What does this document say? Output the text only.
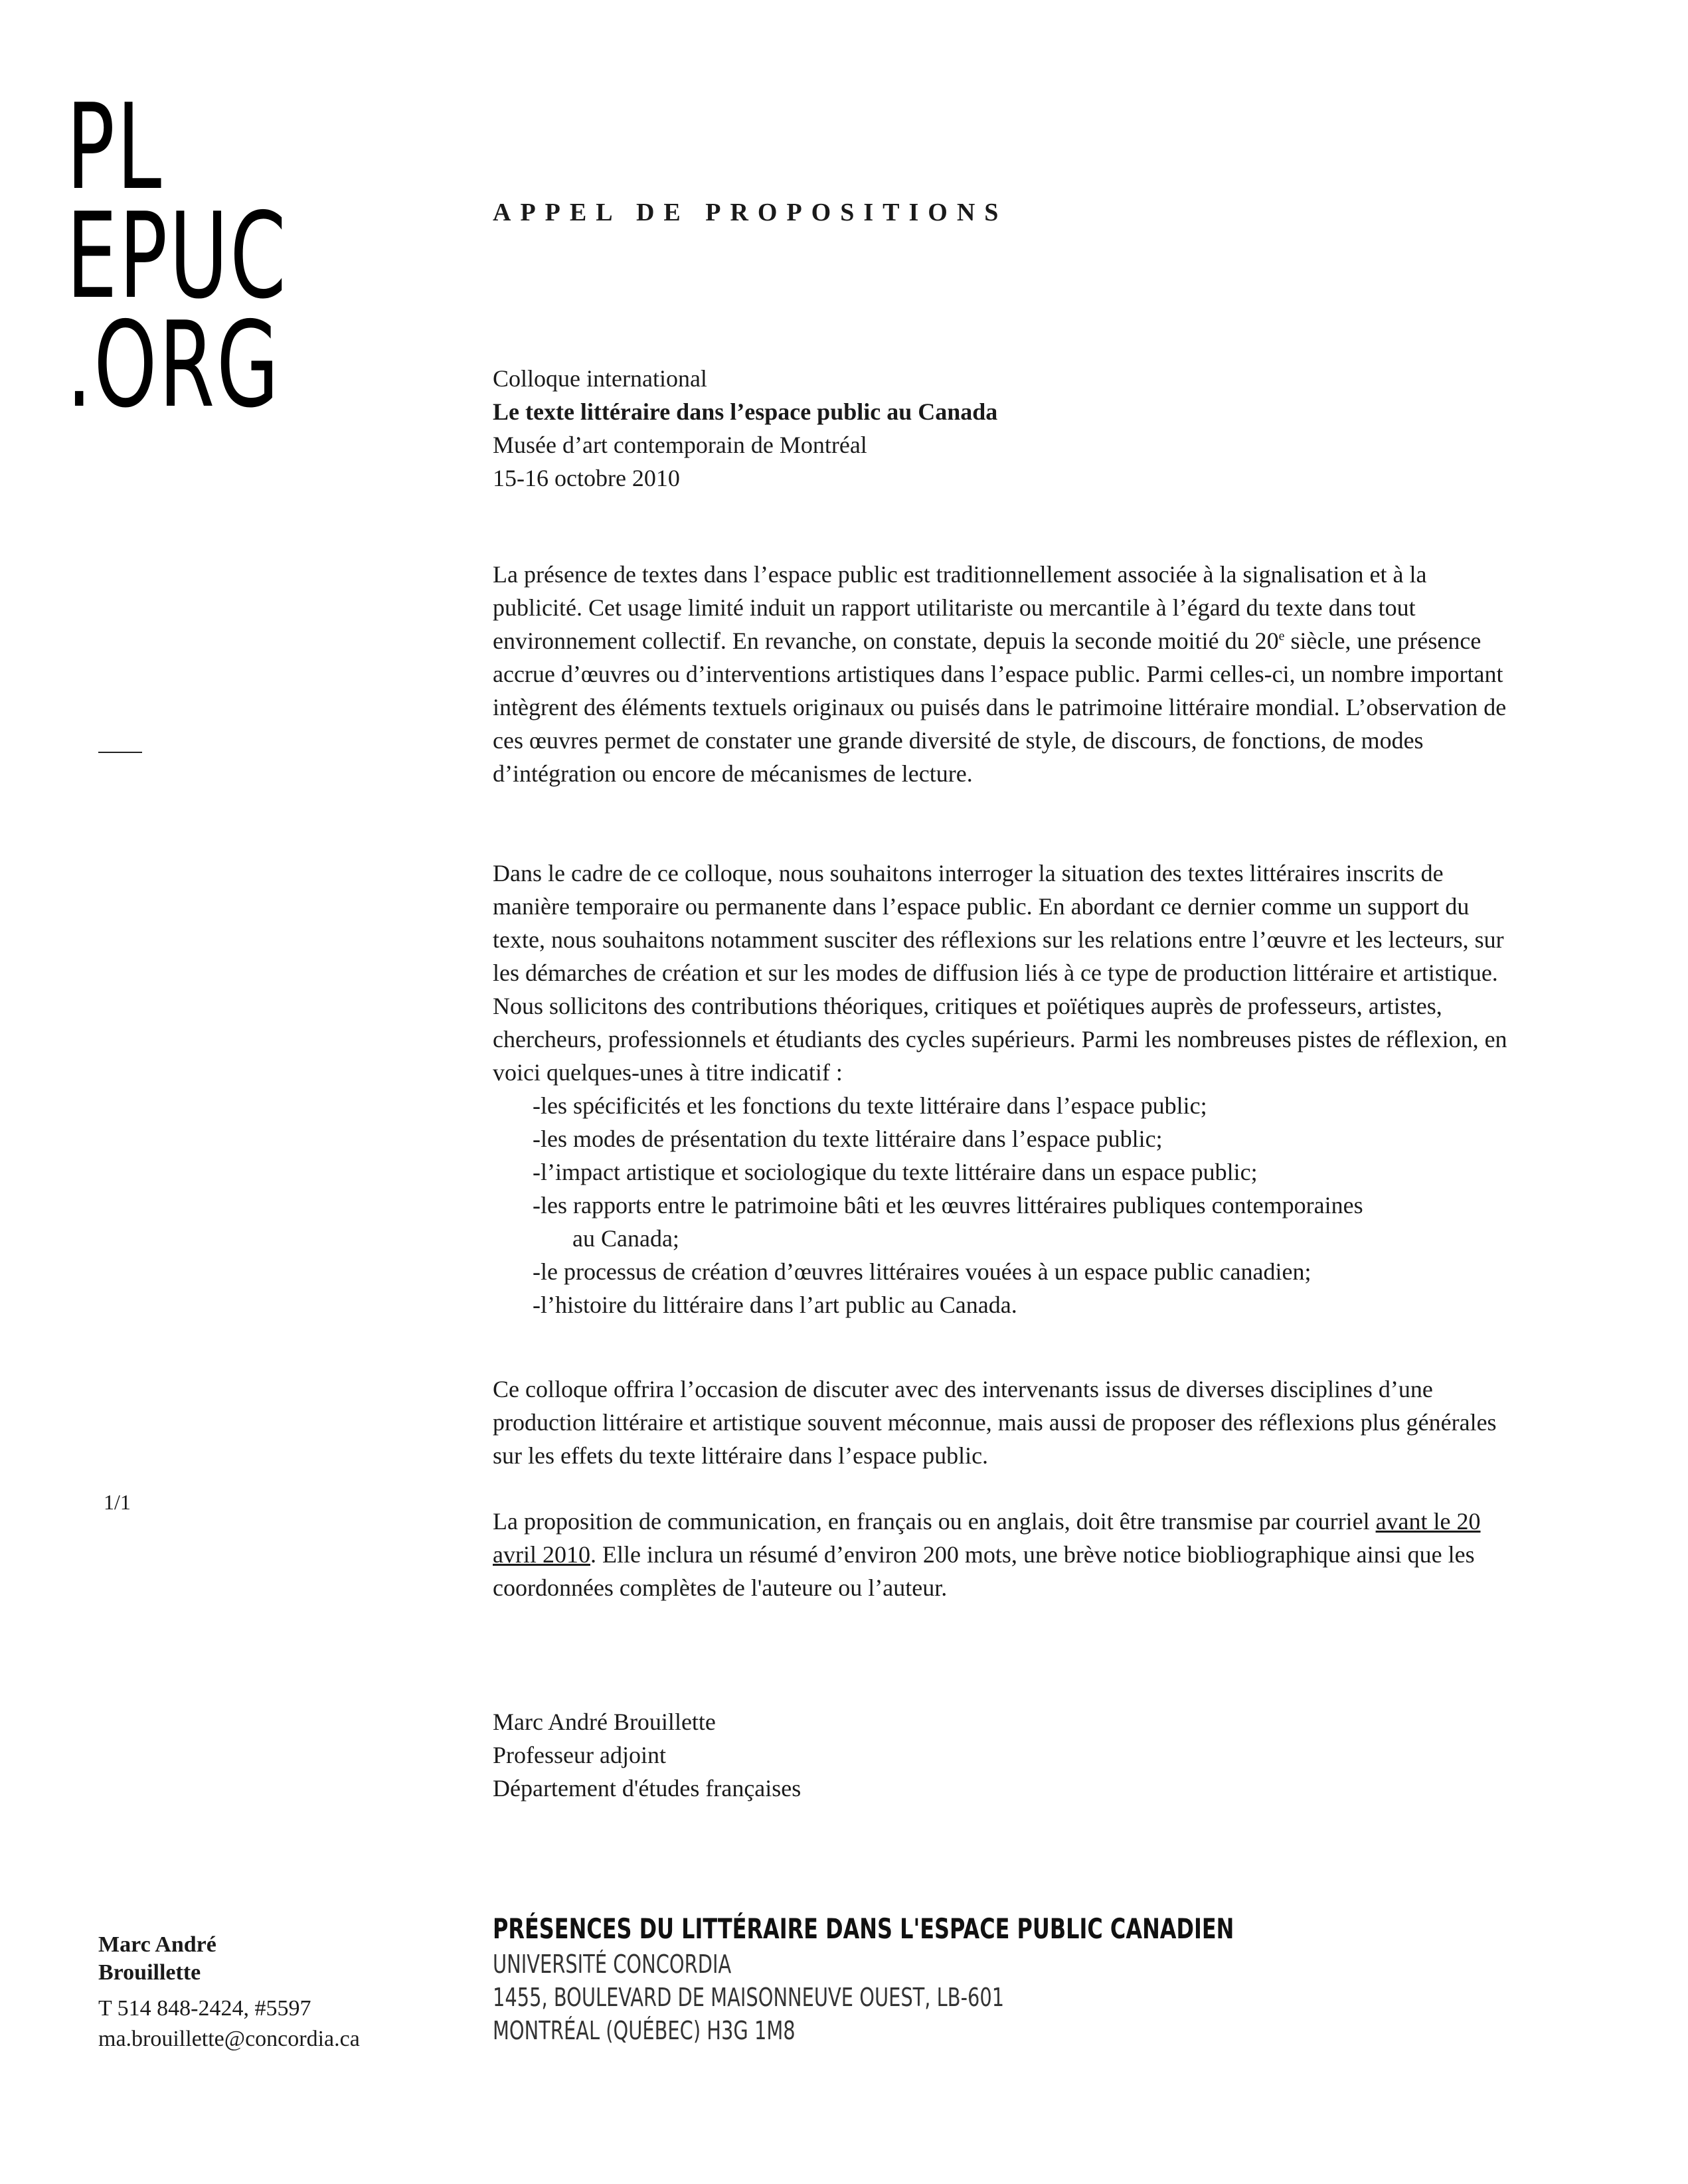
PL
EPUC
.ORG
APPEL DE PROPOSITIONS

Colloque international

Le texte littéraire dans l’espace public au Canada

Musée d’art contemporain de Montréal

15-16 octobre 2010

La présence de textes dans l’espace public est traditionnellement associée à la signalisation et à la publicité. Cet usage limité induit un rapport utilitariste ou mercantile à l’égard du texte dans tout environnement collectif. En revanche, on constate, depuis la seconde moitié du 20e siècle, une présence accrue d’œuvres ou d’interventions artistiques dans l’espace public. Parmi celles-ci, un nombre important intègrent des éléments textuels originaux ou puisés dans le patrimoine littéraire mondial. L’observation de ces œuvres permet de constater une grande diversité de style, de discours, de fonctions, de modes d’intégration ou encore de mécanismes de lecture.

Dans le cadre de ce colloque, nous souhaitons interroger la situation des textes littéraires inscrits de manière temporaire ou permanente dans l’espace public. En abordant ce dernier comme un support du texte, nous souhaitons notamment susciter des réflexions sur les relations entre l’œuvre et les lecteurs, sur les démarches de création et sur les modes de diffusion liés à ce type de production littéraire et artistique. Nous sollicitons des contributions théoriques, critiques et poïétiques auprès de professeurs, artistes, chercheurs, professionnels et étudiants des cycles supérieurs. Parmi les nombreuses pistes de réflexion, en voici quelques-unes à titre indicatif :

-les spécificités et les fonctions du texte littéraire dans l’espace public;
-les modes de présentation du texte littéraire dans l’espace public;
-l’impact artistique et sociologique du texte littéraire dans un espace public;
-les rapports entre le patrimoine bâti et les œuvres littéraires publiques contemporaines
au Canada;
-le processus de création d’œuvres littéraires vouées à un espace public canadien;
-l’histoire du littéraire dans l’art public au Canada.
Ce colloque offrira l’occasion de discuter avec des intervenants issus de diverses disciplines d’une production littéraire et artistique souvent méconnue, mais aussi de proposer des réflexions plus générales sur les effets du texte littéraire dans l’espace public.

La proposition de communication, en français ou en anglais, doit être transmise par courriel avant le 20 avril 2010. Elle inclura un résumé d’environ 200 mots, une brève notice biobliographique ainsi que les coordonnées complètes de l'auteure ou l’auteur.

Marc André Brouillette

Professeur adjoint

Département d'études françaises

1/1
Marc André
Brouillette
T 514 848-2424, #5597
ma.brouillette@concordia.ca
PRÉSENCES DU LITTÉRAIRE DANS L'ESPACE PUBLIC CANADIEN
UNIVERSITÉ CONCORDIA
1455, BOULEVARD DE MAISONNEUVE OUEST, LB-601
MONTRÉAL (QUÉBEC) H3G 1M8
